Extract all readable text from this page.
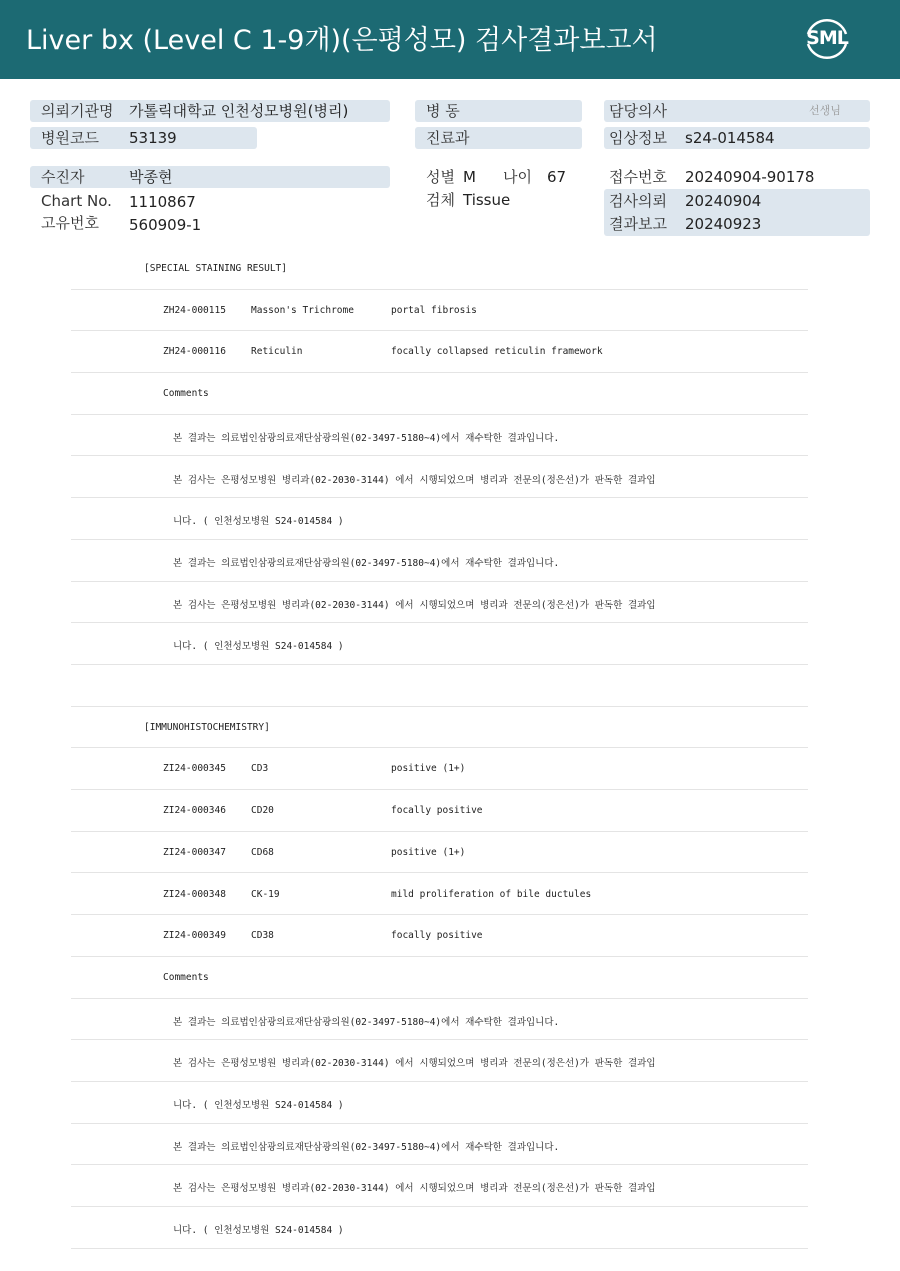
Liver bx (Level C 1-9개)(은평성모) 검사결과보고서	SML
의뢰기관명 가톨릭대학교 인천성모병원(병리)
병원코드 53139
수진자	박종현
Chart No. 1110867
고유번호 560909-1
병 동
진료과
성별 M 나이 67
검체 Tissue
담당의사	선생님
임상정보 s24-014584
접수번호 20240904-90178
검사의뢰 20240904
결과보고 20240923
[SPECIAL STAINING RESULT]
ZH24-000115	Masson's Trichrome	portal fibrosis
ZH24-000116	Reticulin	focally collapsed reticulin framework
Comments
본 결과는 의료법인삼광의료재단삼광의원(02-3497-5180~4)에서 재수탁한 결과입니다.
본 검사는 은평성모병원 병리과(02-2030-3144) 에서 시행되었으며 병리과 전문의(정은선)가 판독한 결과입
니다. ( 인천성모병원 S24-014584 )
본 결과는 의료법인삼광의료재단삼광의원(02-3497-5180~4)에서 재수탁한 결과입니다.
본 검사는 은평성모병원 병리과(02-2030-3144) 에서 시행되었으며 병리과 전문의(정은선)가 판독한 결과입
니다. ( 인천성모병원 S24-014584 )
[IMMUNOHISTOCHEMISTRY]
ZI24-000345	CD3	positive (1+)
ZI24-000346	CD20	focally positive
ZI24-000347	CD68	positive (1+)
ZI24-000348	CK-19	mild proliferation of bile ductules
ZI24-000349	CD38	focally positive
Comments
본 결과는 의료법인삼광의료재단삼광의원(02-3497-5180~4)에서 재수탁한 결과입니다.
본 검사는 은평성모병원 병리과(02-2030-3144) 에서 시행되었으며 병리과 전문의(정은선)가 판독한 결과입
니다. ( 인천성모병원 S24-014584 )
본 결과는 의료법인삼광의료재단삼광의원(02-3497-5180~4)에서 재수탁한 결과입니다.
본 검사는 은평성모병원 병리과(02-2030-3144) 에서 시행되었으며 병리과 전문의(정은선)가 판독한 결과입
니다. ( 인천성모병원 S24-014584 )
